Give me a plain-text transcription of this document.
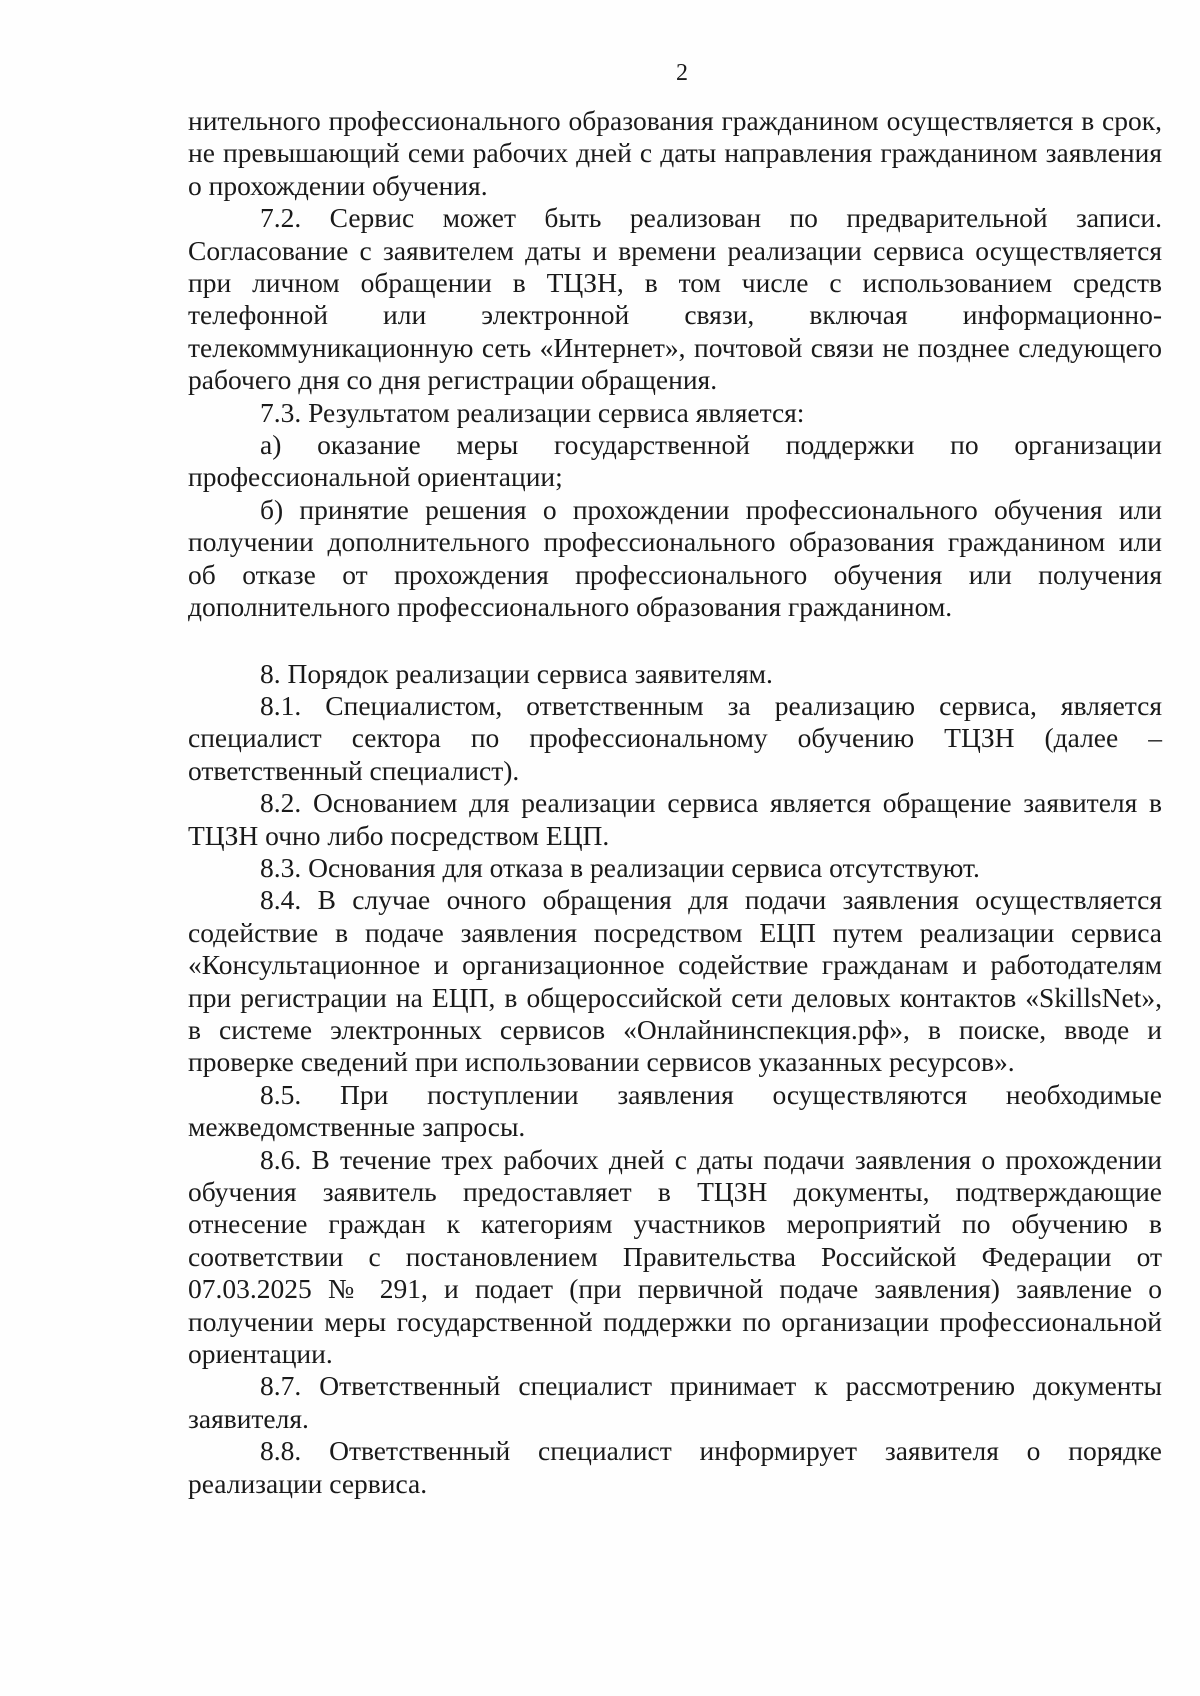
2

нительного профессионального образования гражданином осуществляется в срок, не превышающий семи рабочих дней с даты направления гражданином заявления о прохождении обучения.

7.2. Сервис может быть реализован по предварительной записи. Согласование с заявителем даты и времени реализации сервиса осуществляется при личном обращении в ТЦЗН, в том числе с использованием средств телефонной или электронной связи, включая информационно-телекоммуникационную сеть «Интернет», почтовой связи не позднее следующего рабочего дня со дня регистрации обращения.

7.3. Результатом реализации сервиса является:

а) оказание меры государственной поддержки по организации профессиональной ориентации;

б) принятие решения о прохождении профессионального обучения или получении дополнительного профессионального образования гражданином или об отказе от прохождения профессионального обучения или получения дополнительного профессионального образования гражданином.

8. Порядок реализации сервиса заявителям.

8.1. Специалистом, ответственным за реализацию сервиса, является специалист сектора по профессиональному обучению ТЦЗН (далее – ответственный специалист).

8.2. Основанием для реализации сервиса является обращение заявителя в ТЦЗН очно либо посредством ЕЦП.

8.3. Основания для отказа в реализации сервиса отсутствуют.

8.4. В случае очного обращения для подачи заявления осуществляется содействие в подаче заявления посредством ЕЦП путем реализации сервиса «Консультационное и организационное содействие гражданам и работодателям при регистрации на ЕЦП, в общероссийской сети деловых контактов «SkillsNet», в системе электронных сервисов «Онлайнинспекция.рф», в поиске, вводе и проверке сведений при использовании сервисов указанных ресурсов».

8.5. При поступлении заявления осуществляются необходимые межведомственные запросы.

8.6. В течение трех рабочих дней с даты подачи заявления о прохождении обучения заявитель предоставляет в ТЦЗН документы, подтверждающие отнесение граждан к категориям участников мероприятий по обучению в соответствии с постановлением Правительства Российской Федерации от 07.03.2025 № 291, и подает (при первичной подаче заявления) заявление о получении меры государственной поддержки по организации профессиональной ориентации.

8.7. Ответственный специалист принимает к рассмотрению документы заявителя.

8.8. Ответственный специалист информирует заявителя о порядке реализации сервиса.
